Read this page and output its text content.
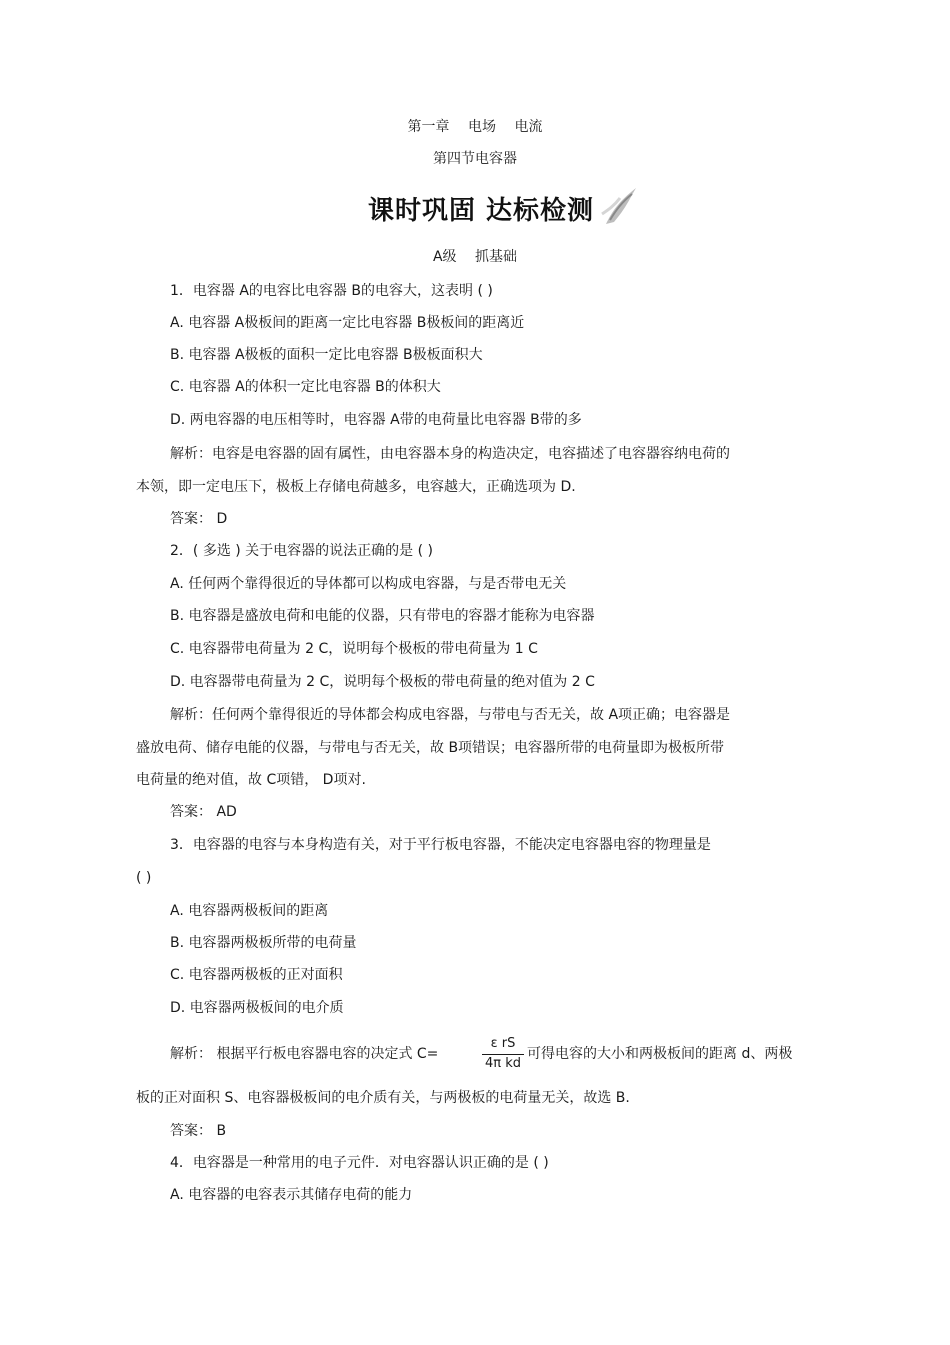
第一章　 电场　 电流
第四节电容器
课时巩固 达标检测
A级　 抓基础
1．电容器 A的电容比电容器 B的电容大，这表明 ( )
A. 电容器 A极板间的距离一定比电容器 B极板间的距离近
B. 电容器 A极板的面积一定比电容器 B极板面积大
C. 电容器 A的体积一定比电容器 B的体积大
D. 两电容器的电压相等时，电容器 A带的电荷量比电容器 B带的多
解析：电容是电容器的固有属性，由电容器本身的构造决定，电容描述了电容器容纳电荷的
本领，即一定电压下，极板上存储电荷越多，电容越大，正确选项为 D.
答案： D
2．( 多选 ) 关于电容器的说法正确的是 ( )
A. 任何两个靠得很近的导体都可以构成电容器，与是否带电无关
B. 电容器是盛放电荷和电能的仪器，只有带电的容器才能称为电容器
C. 电容器带电荷量为 2 C，说明每个极板的带电荷量为 1 C
D. 电容器带电荷量为 2 C，说明每个极板的带电荷量的绝对值为 2 C
解析：任何两个靠得很近的导体都会构成电容器，与带电与否无关，故 A项正确；电容器是
盛放电荷、储存电能的仪器，与带电与否无关，故 B项错误；电容器所带的电荷量即为极板所带
电荷量的绝对值，故 C项错， D项对.
答案： AD
3．电容器的电容与本身构造有关，对于平行板电容器，不能决定电容器电容的物理量是
( )
A. 电容器两极板间的距离
B. 电容器两极板所带的电荷量
C. 电容器两极板的正对面积
D. 电容器两极板间的电介质
解析： 根据平行板电容器电容的决定式 C=	可得电容的大小和两极板间的距离 d、两极
板的正对面积 S、电容器极板间的电介质有关，与两极板的电荷量无关，故选 B.
答案： B
4．电容器是一种常用的电子元件．对电容器认识正确的是 ( )
A. 电容器的电容表示其储存电荷的能力
ε rS
4π kd
